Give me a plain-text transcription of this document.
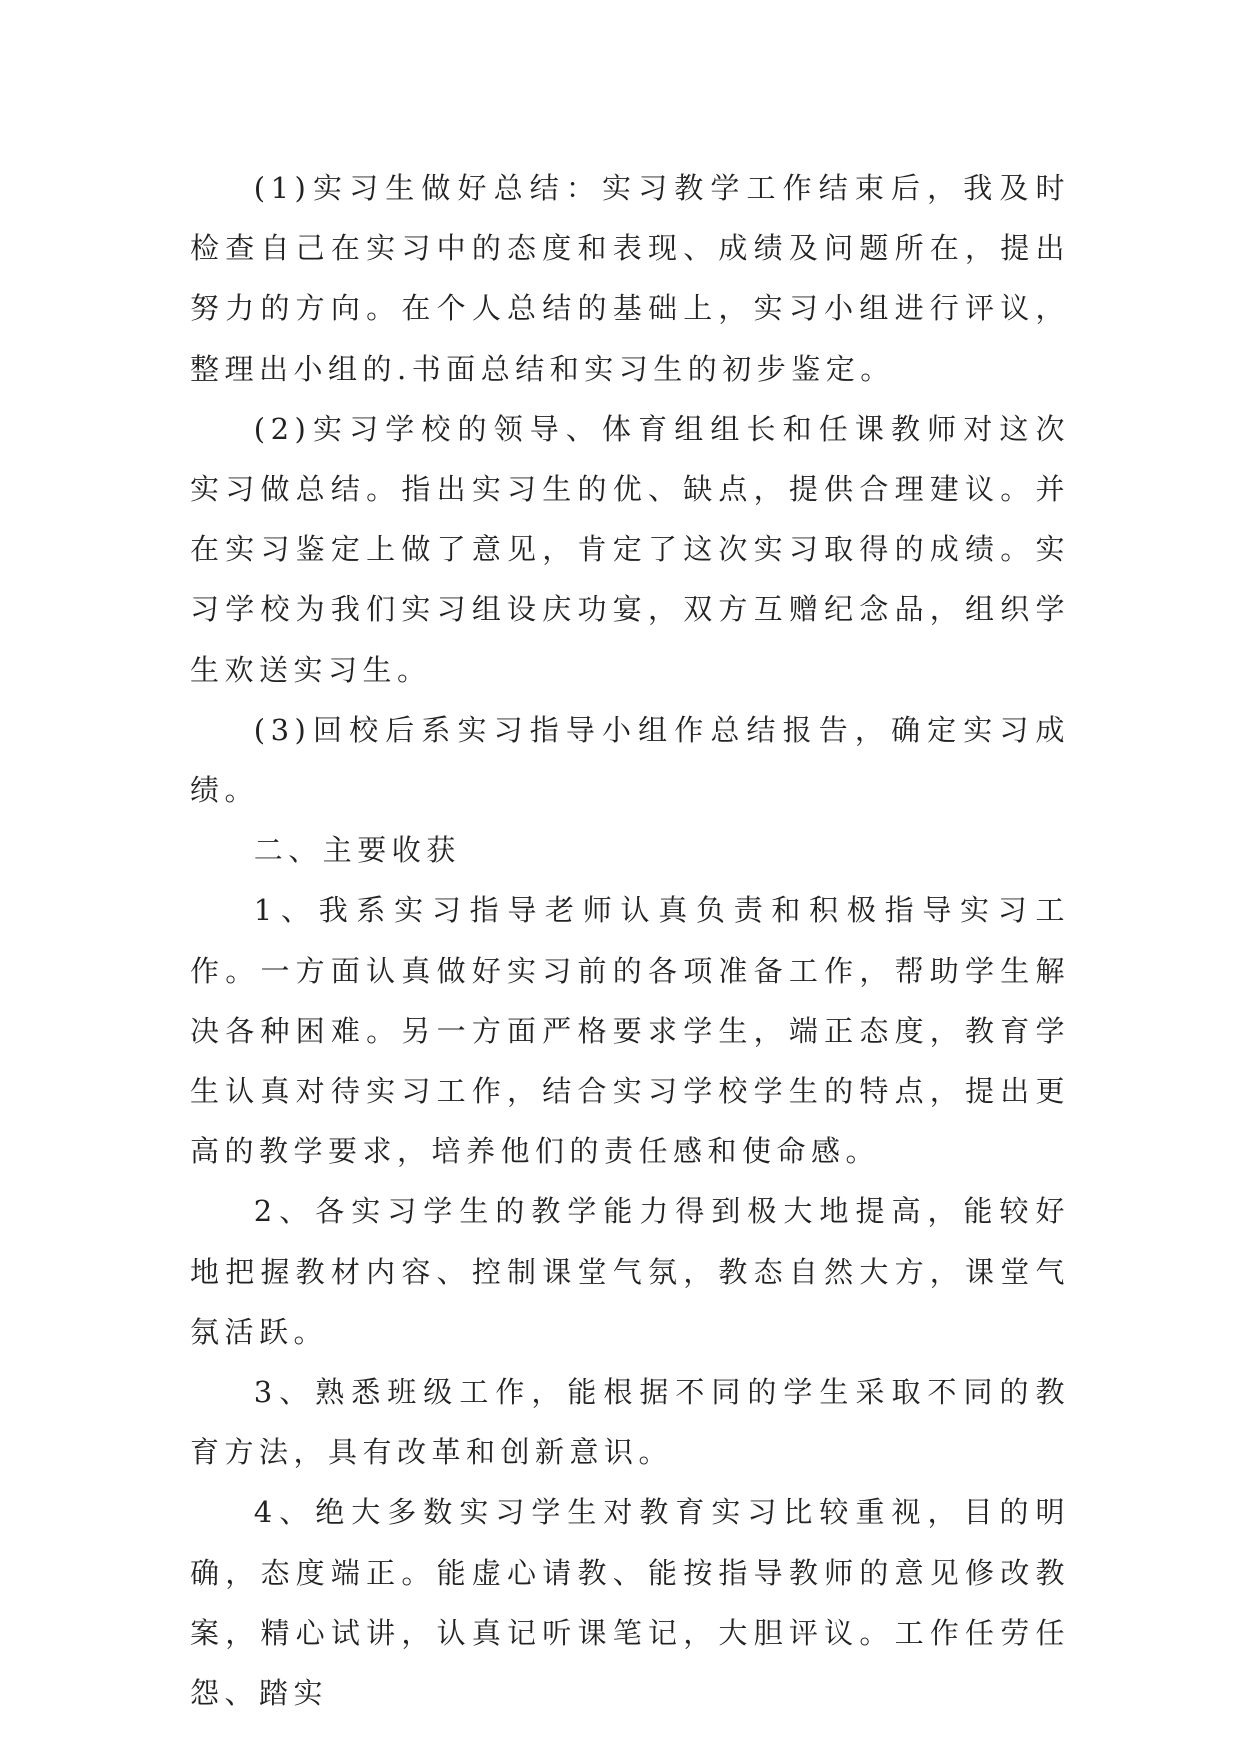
(1)实习生做好总结：实习教学工作结束后，我及时检查自己在实习中的态度和表现、成绩及问题所在，提出努力的方向。在个人总结的基础上，实习小组进行评议，整理出小组的.书面总结和实习生的初步鉴定。

(2)实习学校的领导、体育组组长和任课教师对这次实习做总结。指出实习生的优、缺点，提供合理建议。并在实习鉴定上做了意见，肯定了这次实习取得的成绩。实习学校为我们实习组设庆功宴，双方互赠纪念品，组织学生欢送实习生。

(3)回校后系实习指导小组作总结报告，确定实习成绩。

二、主要收获

1、我系实习指导老师认真负责和积极指导实习工作。一方面认真做好实习前的各项准备工作，帮助学生解决各种困难。另一方面严格要求学生，端正态度，教育学生认真对待实习工作，结合实习学校学生的特点，提出更高的教学要求，培养他们的责任感和使命感。

2、各实习学生的教学能力得到极大地提高，能较好地把握教材内容、控制课堂气氛，教态自然大方，课堂气氛活跃。

3、熟悉班级工作，能根据不同的学生采取不同的教育方法，具有改革和创新意识。

4、绝大多数实习学生对教育实习比较重视，目的明确，态度端正。能虚心请教、能按指导教师的意见修改教案，精心试讲，认真记听课笔记，大胆评议。工作任劳任怨、踏实
